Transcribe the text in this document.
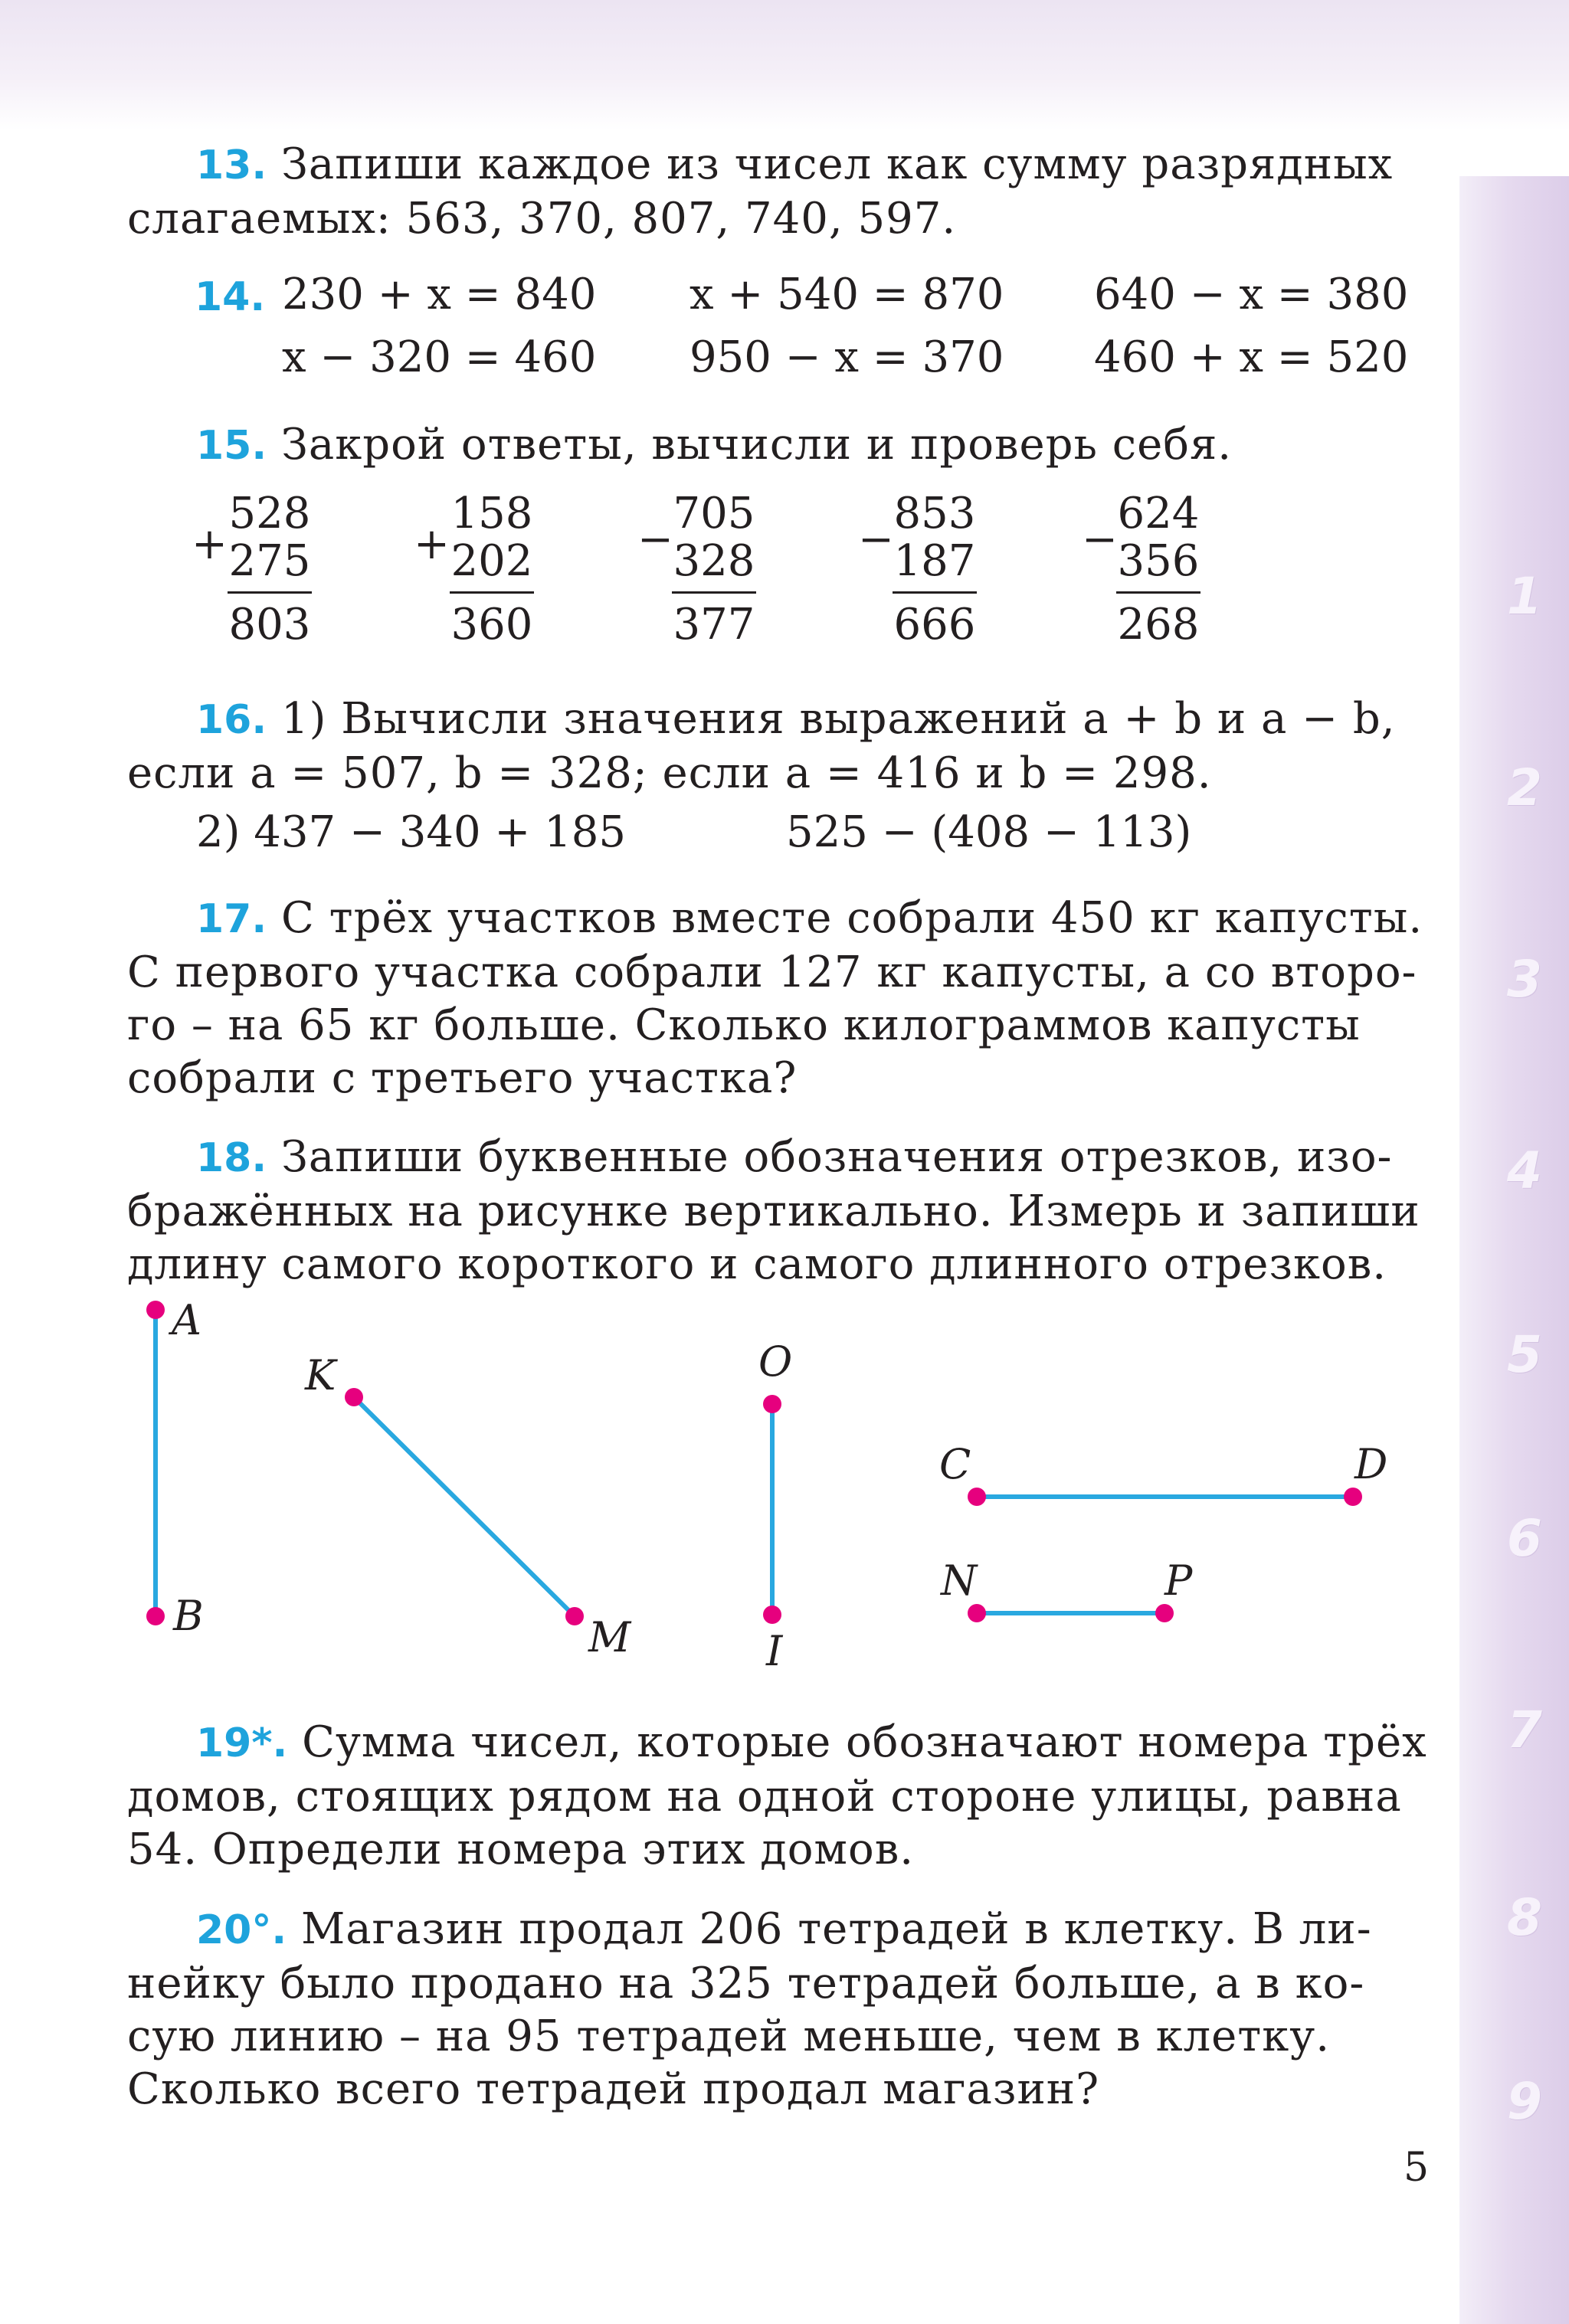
1
2
3
4
5
6
7
8
9
13. Запиши каждое из чисел как сумму разрядных
слагаемых: 563, 370, 807, 740, 597.
14. 230 + x = 840 x + 540 = 870 640 − x = 380
x − 320 = 460 950 − x = 370 460 + x = 520
15. Закрой ответы, вычисли и проверь себя.
+
528
275
803
+
158
202
360
−
705
328
377
−
853
187
666
−
624
356
268
16. 1) Вычисли значения выражений a + b и a − b,
если a = 507, b = 328; если a = 416 и b = 298.
2) 437 − 340 + 185	525 − (408 − 113)
17. С трёх участков вместе собрали 450 кг капусты.
С первого участка собрали 127 кг капусты, а со второ-
го – на 65 кг больше. Сколько килограммов капусты
собрали с третьего участка?
18. Запиши буквенные обозначения отрезков, изо-
бражённых на рисунке вертикально. Измерь и запиши
длину самого короткого и самого длинного отрезков.
A
B
K
M
O
I
C	D
N	P
19*. Сумма чисел, которые обозначают номера трёх
домов, стоящих рядом на одной стороне улицы, равна
54. Определи номера этих домов.
20°. Магазин продал 206 тетрадей в клетку. В ли-
нейку было продано на 325 тетрадей больше, а в ко-
сую линию – на 95 тетрадей меньше, чем в клетку.
Сколько всего тетрадей продал магазин?
5
